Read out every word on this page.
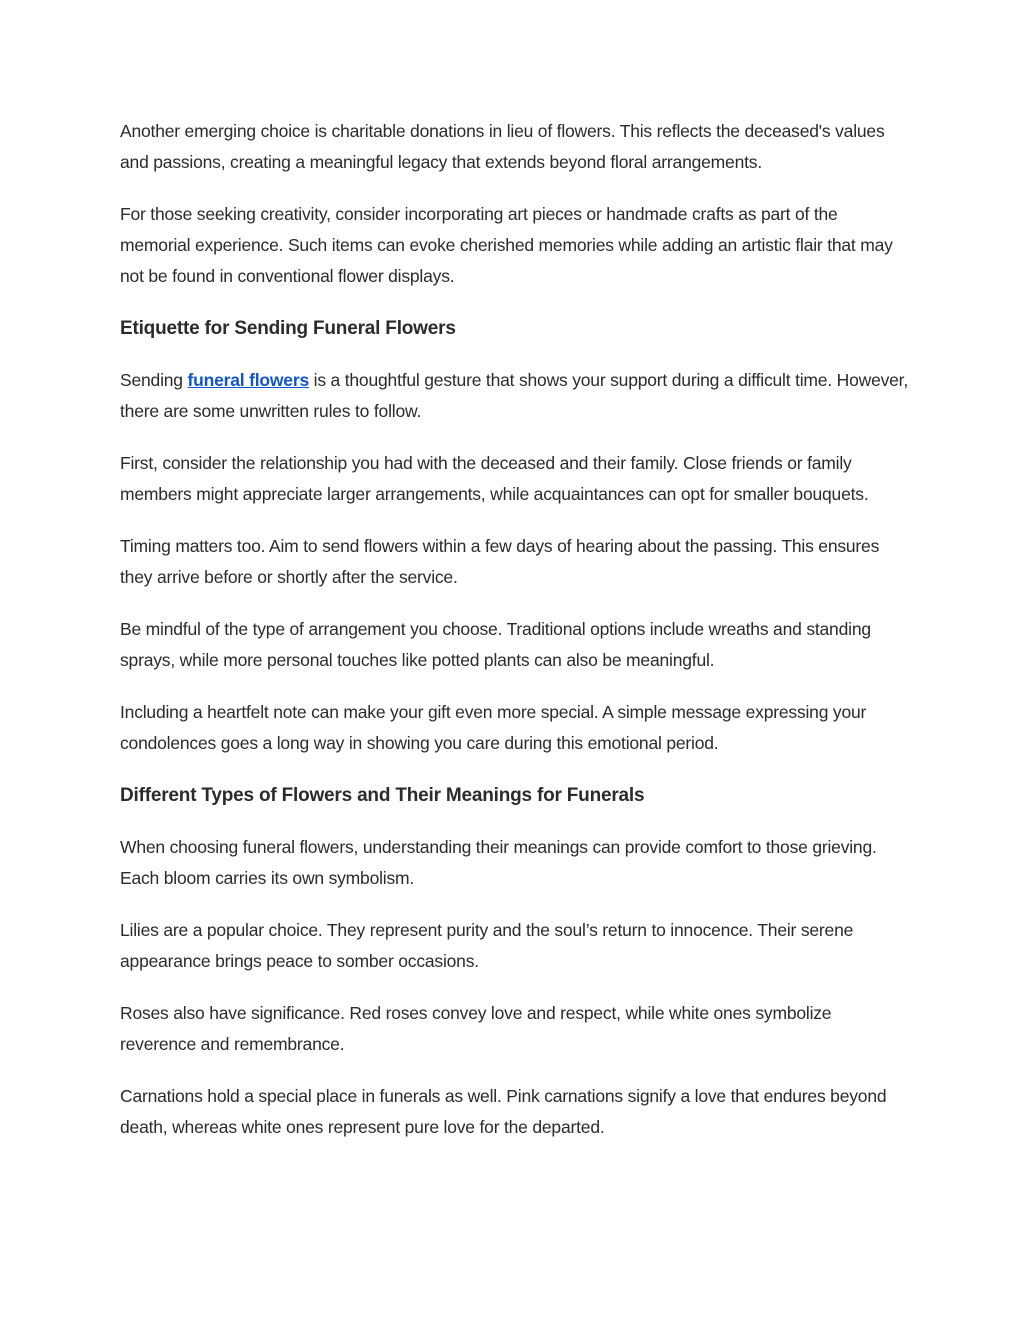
Another emerging choice is charitable donations in lieu of flowers. This reflects the deceased's values and passions, creating a meaningful legacy that extends beyond floral arrangements.

For those seeking creativity, consider incorporating art pieces or handmade crafts as part of the memorial experience. Such items can evoke cherished memories while adding an artistic flair that may not be found in conventional flower displays.

Etiquette for Sending Funeral Flowers

Sending funeral flowers is a thoughtful gesture that shows your support during a difficult time. However, there are some unwritten rules to follow.

First, consider the relationship you had with the deceased and their family. Close friends or family members might appreciate larger arrangements, while acquaintances can opt for smaller bouquets.

Timing matters too. Aim to send flowers within a few days of hearing about the passing. This ensures they arrive before or shortly after the service.

Be mindful of the type of arrangement you choose. Traditional options include wreaths and standing sprays, while more personal touches like potted plants can also be meaningful.

Including a heartfelt note can make your gift even more special. A simple message expressing your condolences goes a long way in showing you care during this emotional period.

Different Types of Flowers and Their Meanings for Funerals

When choosing funeral flowers, understanding their meanings can provide comfort to those grieving. Each bloom carries its own symbolism.

Lilies are a popular choice. They represent purity and the soul’s return to innocence. Their serene appearance brings peace to somber occasions.

Roses also have significance. Red roses convey love and respect, while white ones symbolize reverence and remembrance.

Carnations hold a special place in funerals as well. Pink carnations signify a love that endures beyond death, whereas white ones represent pure love for the departed.
